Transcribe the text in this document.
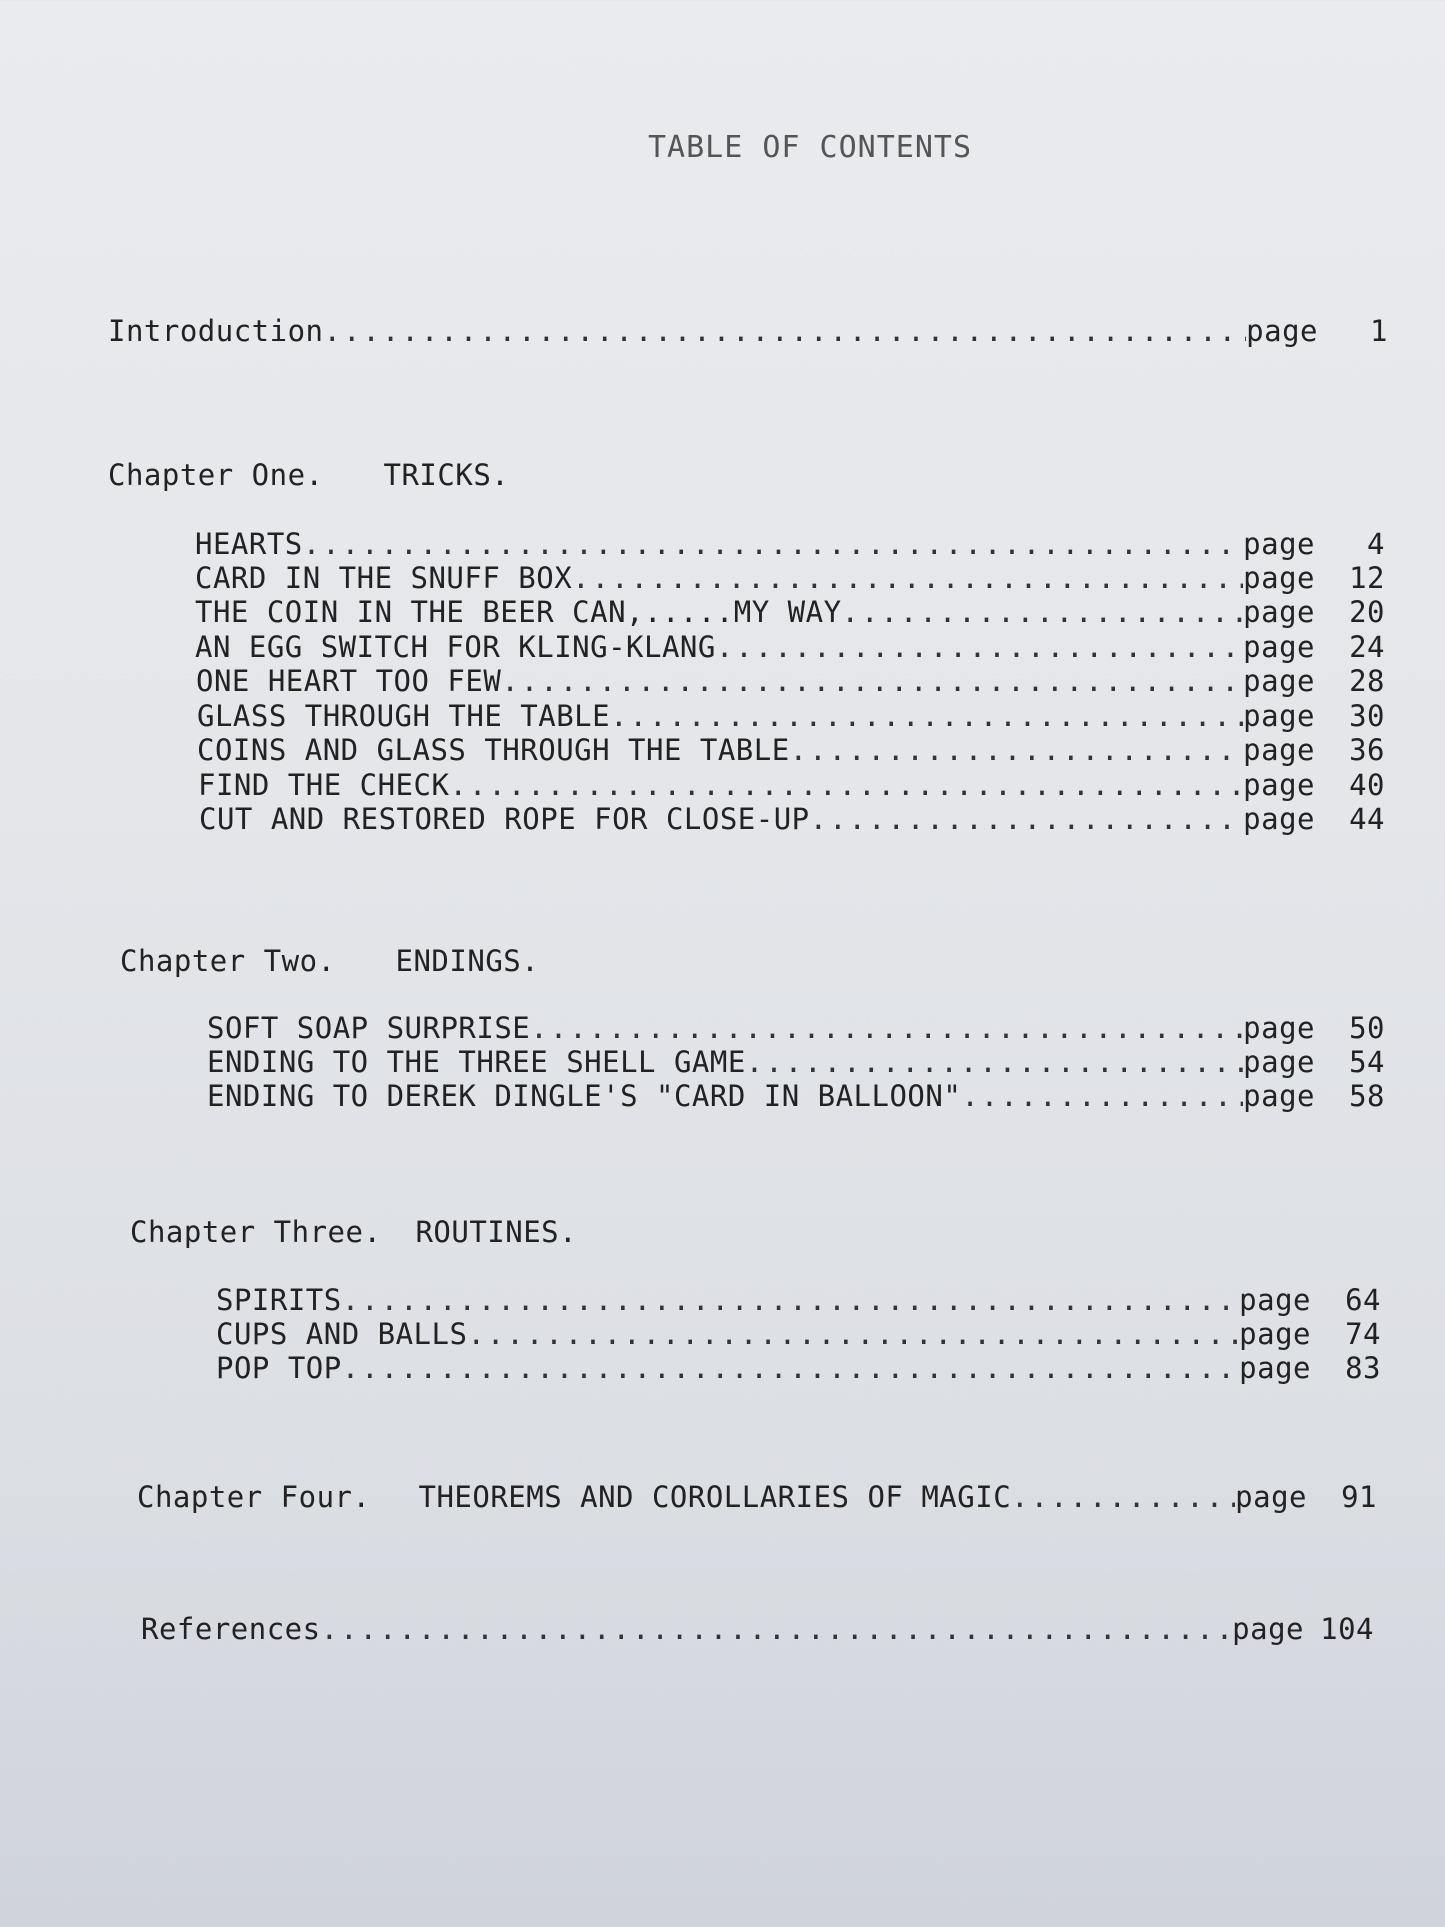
TABLE OF CONTENTS
Introduction .....	page	1
Chapter One. TRICKS.
HEARTS .....	page	4
CARD IN THE SNUFF BOX .....	page	12
THE COIN IN THE BEER CAN,.....MY WAY .....	page	20
AN EGG SWITCH FOR KLING-KLANG .....	page	24
ONE HEART TOO FEW .....	page	28
GLASS THROUGH THE TABLE .....	page	30
COINS AND GLASS THROUGH THE TABLE .....	page	36
FIND THE CHECK .....	page	40
CUT AND RESTORED ROPE FOR CLOSE-UP .....	page	44
Chapter Two. ENDINGS.
SOFT SOAP SURPRISE .....	page	50
ENDING TO THE THREE SHELL GAME .....	page	54
ENDING TO DEREK DINGLE'S "CARD IN BALLOON" .....	page	58
Chapter Three. ROUTINES.
SPIRITS .....	page	64
CUPS AND BALLS .....	page	74
POP TOP .....	page	83
Chapter Four. THEOREMS AND COROLLARIES OF MAGIC .....	page	91
References .....	page 104
